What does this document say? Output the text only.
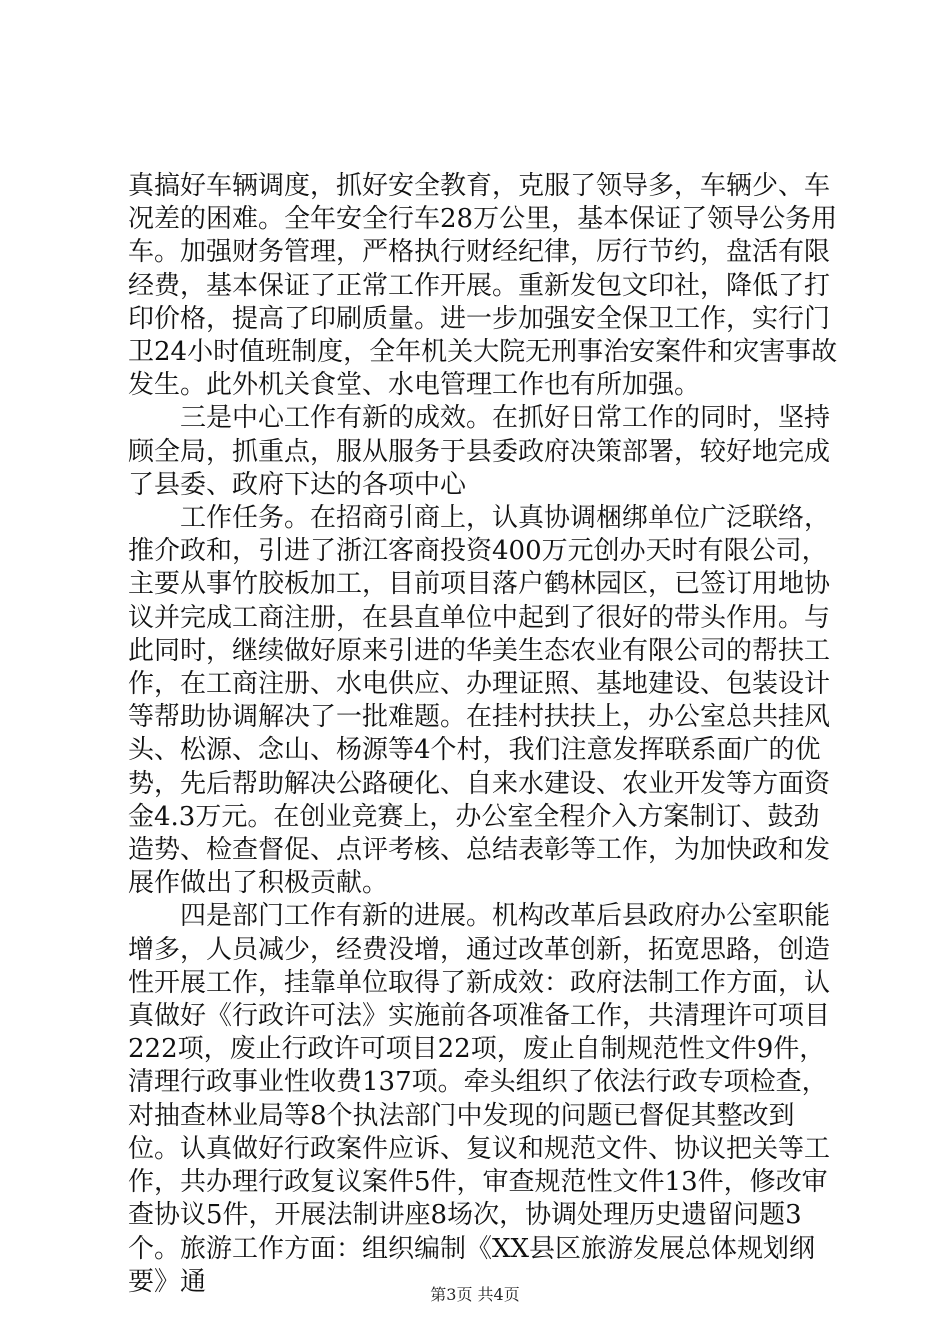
真搞好车辆调度，抓好安全教育，克服了领导多，车辆少、车况差的困难。全年安全行车28万公里，基本保证了领导公务用车。加强财务管理，严格执行财经纪律，厉行节约，盘活有限经费，基本保证了正常工作开展。重新发包文印社，降低了打印价格，提高了印刷质量。进一步加强安全保卫工作，实行门卫24小时值班制度，全年机关大院无刑事治安案件和灾害事故发生。此外机关食堂、水电管理工作也有所加强。

　　三是中心工作有新的成效。在抓好日常工作的同时，坚持顾全局，抓重点，服从服务于县委政府决策部署，较好地完成了县委、政府下达的各项中心

　　工作任务。在招商引商上，认真协调梱绑单位广泛联络，推介政和，引进了浙江客商投资400万元创办天时有限公司，主要从事竹胶板加工，目前项目落户鹤林园区，已签订用地协议并完成工商注册，在县直单位中起到了很好的带头作用。与此同时，继续做好原来引进的华美生态农业有限公司的帮扶工作，在工商注册、水电供应、办理证照、基地建设、包装设计等帮助协调解决了一批难题。在挂村扶扶上，办公室总共挂风头、松源、念山、杨源等4个村，我们注意发挥联系面广的优势，先后帮助解决公路硬化、自来水建设、农业开发等方面资金4.3万元。在创业竞赛上，办公室全程介入方案制订、鼓劲造势、检查督促、点评考核、总结表彰等工作，为加快政和发展作做出了积极贡献。

　　四是部门工作有新的进展。机构改革后县政府办公室职能增多，人员减少，经费没增，通过改革创新，拓宽思路，创造性开展工作，挂靠单位取得了新成效：政府法制工作方面，认真做好《行政许可法》实施前各项准备工作，共清理许可项目222项，废止行政许可项目22项，废止自制规范性文件9件，清理行政事业性收费137项。牵头组织了依法行政专项检查，对抽查林业局等8个执法部门中发现的问题已督促其整改到位。认真做好行政案件应诉、复议和规范文件、协议把关等工作，共办理行政复议案件5件，审查规范性文件13件，修改审查协议5件，开展法制讲座8场次，协调处理历史遗留问题3个。旅游工作方面：组织编制《XX县区旅游发展总体规划纲要》通	第3页 共4页
